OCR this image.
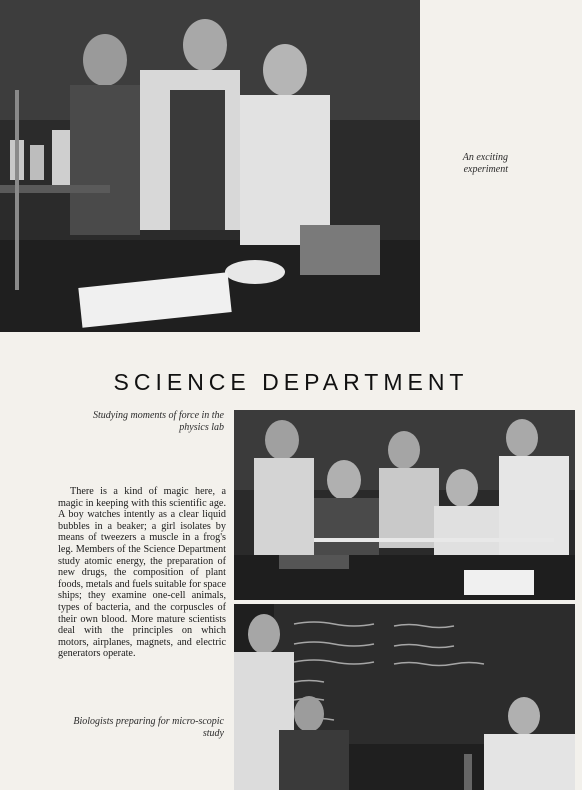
An exciting experiment
SCIENCE DEPARTMENT
Studying moments of force in the physics lab
There is a kind of magic here, a magic in keeping with this scientific age. A boy watches intently as a clear liquid bubbles in a beaker; a girl isolates by means of tweezers a muscle in a frog's leg. Members of the Science Department study atomic energy, the preparation of new drugs, the composition of plant foods, metals and fuels suitable for space ships; they examine one-cell animals, types of bacteria, and the corpuscles of their own blood. More mature scientists deal with the principles on which motors, airplanes, magnets, and electric generators operate.
Biologists preparing for micro-scopic study
